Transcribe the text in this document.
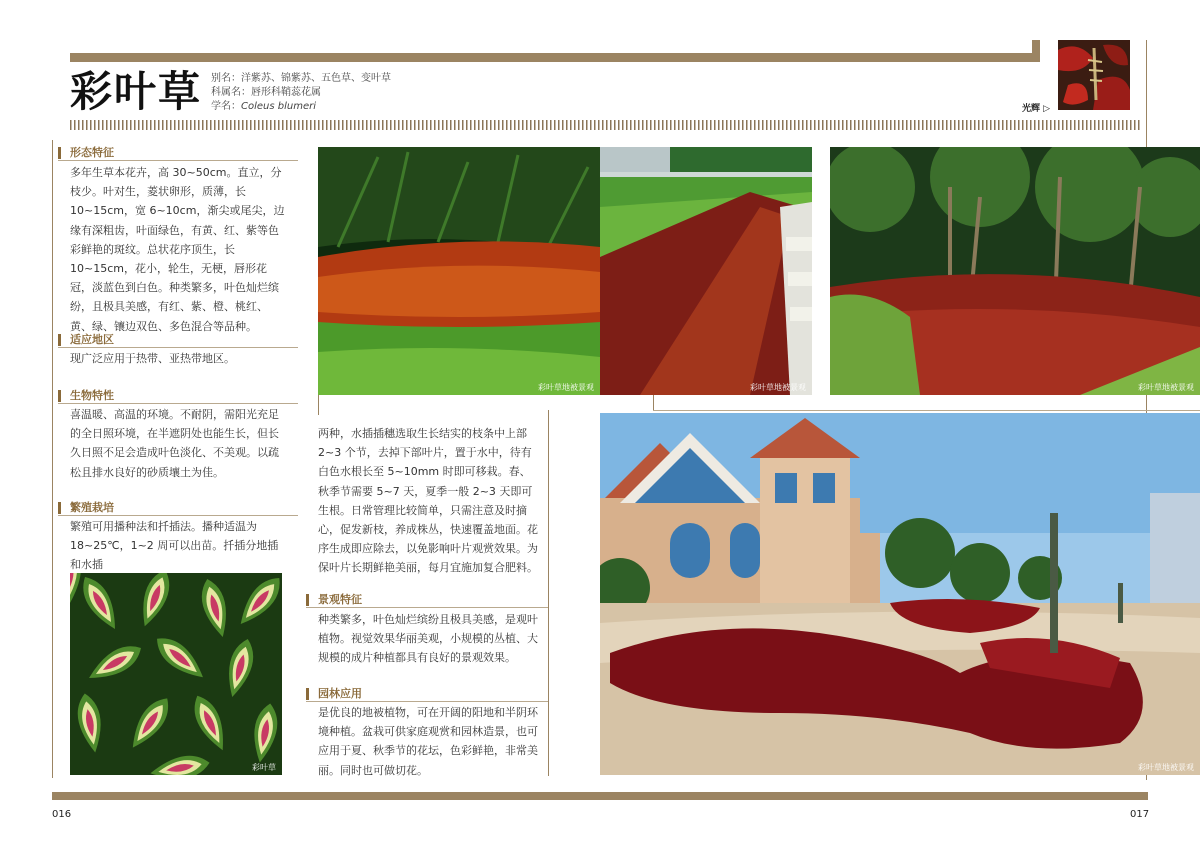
彩叶草 别名：洋紫苏、锦紫苏、五色草、变叶草
科属名：唇形科鞘蕊花属
学名：Coleus blumeri	光辉 ▷
形态特征
多年生草本花卉，高 30~50cm。直立，分枝少。叶对生，菱状卵形，质薄，长10~15cm，宽 6~10cm，渐尖或尾尖，边缘有深粗齿，叶面绿色，有黄、红、紫等色彩鲜艳的斑纹。总状花序顶生，长 10~15cm，花小，轮生，无梗，唇形花冠，淡蓝色到白色。种类繁多，叶色灿烂缤纷，且极具美感，有红、紫、橙、桃红、黄、绿、镶边双色、多色混合等品种。
适应地区
现广泛应用于热带、亚热带地区。
生物特性
喜温暖、高温的环境。不耐阴，需阳光充足的全日照环境，在半遮阴处也能生长，但长久日照不足会造成叶色淡化、不美观。以疏松且排水良好的砂质壤土为佳。
繁殖栽培
繁殖可用播种法和扦插法。播种适温为 18~25℃，1~2 周可以出苗。扦插分地插和水插
彩叶草
彩叶草地被景观	彩叶草地被景观	彩叶草地被景观
两种，水插插穗选取生长结实的枝条中上部 2~3 个节，去掉下部叶片，置于水中，待有白色水根长至 5~10mm 时即可移栽。春、秋季节需要 5~7 天，夏季一般 2~3 天即可生根。日常管理比较简单，只需注意及时摘心，促发新枝，养成株丛，快速覆盖地面。花序生成即应除去，以免影响叶片观赏效果。为保叶片长期鲜艳美丽，每月宜施加复合肥料。
景观特征
种类繁多，叶色灿烂缤纷且极具美感，是观叶植物。视觉效果华丽美观，小规模的丛植、大规模的成片种植都具有良好的景观效果。
园林应用
是优良的地被植物，可在开阔的阳地和半阴环境种植。盆栽可供家庭观赏和园林造景，也可应用于夏、秋季节的花坛，色彩鲜艳，非常美丽。同时也可做切花。	彩叶草地被景观
016	017
